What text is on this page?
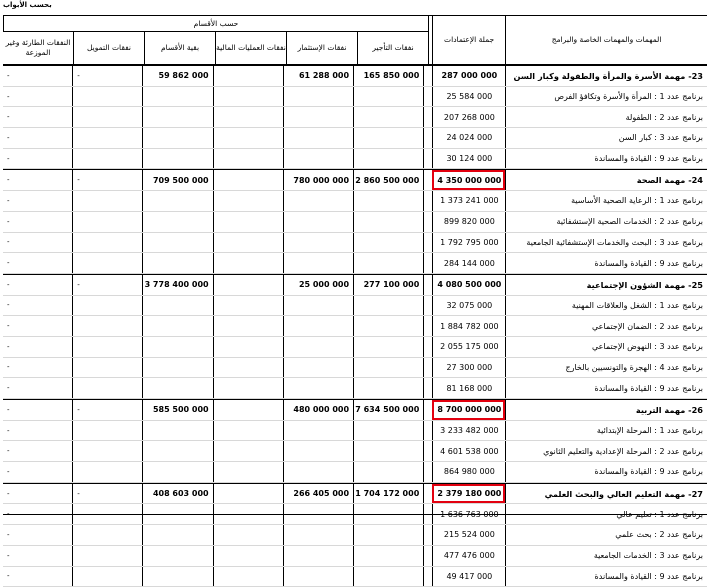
بحسب الأبواب
المهمات والمهمات الخاصة والبرامج
جملة الإعتمادات
حسب الأقسام
نفقات التأجير
نفقات الإستثمار
نفقات العمليات المالية
بقية الأقسام
نفقات التمويل
النفقات الطارئة وغير الموزعة
23- مهمة الأسرة والمرأة والطفولة وكبار السن
287 000 000
165 850 000
61 288 000
59 862 000
-
-
برنامج عدد 1 : المرأة والأسرة وتكافؤ الفرص
25 584 000
-
برنامج عدد 2 : الطفولة
207 268 000
-
برنامج عدد 3 : كبار السن
24 024 000
-
برنامج عدد 9 : القيادة والمساندة
30 124 000
-
24- مهمة الصحة
4 350 000 000
2 860 500 000
780 000 000
709 500 000
-
-
برنامج عدد 1 : الرعاية الصحية الأساسية
1 373 241 000
-
برنامج عدد 2 : الخدمات الصحية الإستشفائية
899 820 000
-
برنامج عدد 3 : البحث والخدمات الإستشفائية الجامعية
1 792 795 000
-
برنامج عدد 9 : القيادة والمساندة
284 144 000
-
25- مهمة الشؤون الإجتماعية
4 080 500 000
277 100 000
25 000 000
3 778 400 000
-
-
برنامج عدد 1 : الشغل والعلاقات المهنية
32 075 000
-
برنامج عدد 2 : الضمان الإجتماعي
1 884 782 000
-
برنامج عدد 3 : النهوض الإجتماعي
2 055 175 000
-
برنامج عدد 4 : الهجرة والتونسيين بالخارج
27 300 000
-
برنامج عدد 9 : القيادة والمساندة
81 168 000
-
26- مهمة التربية
8 700 000 000
7 634 500 000
480 000 000
585 500 000
-
-
برنامج عدد 1 : المرحلة الإبتدائية
3 233 482 000
-
برنامج عدد 2 : المرحلة الإعدادية والتعليم الثانوي
4 601 538 000
-
برنامج عدد 9 : القيادة والمساندة
864 980 000
-
27- مهمة التعليم العالي والبحث العلمي
2 379 180 000
1 704 172 000
266 405 000
408 603 000
-
-
برنامج عدد 1 : تعليم عالي
1 636 763 000
-
برنامج عدد 2 : بحث علمي
215 524 000
-
برنامج عدد 3 : الخدمات الجامعية
477 476 000
-
برنامج عدد 9 : القيادة والمساندة
49 417 000
-
